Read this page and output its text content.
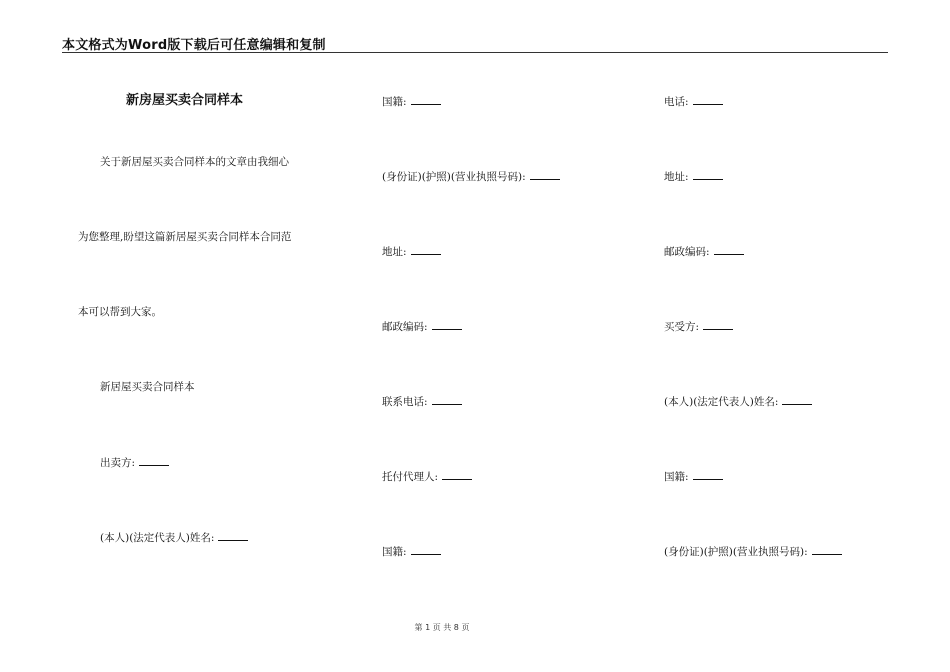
本文格式为Word版下载后可任意编辑和复制
新房屋买卖合同样本
关于新居屋买卖合同样本的文章由我细心
为您整理,盼望这篇新居屋买卖合同样本合同范
本可以帮到大家。
新居屋买卖合同样本
出卖方:
(本人)(法定代表人)姓名:
国籍:
(身份证)(护照)(营业执照号码):
地址:
邮政编码:
联系电话:
托付代理人:
国籍:
电话:
地址:
邮政编码:
买受方:
(本人)(法定代表人)姓名:
国籍:
(身份证)(护照)(营业执照号码):
第 1 页 共 8 页
